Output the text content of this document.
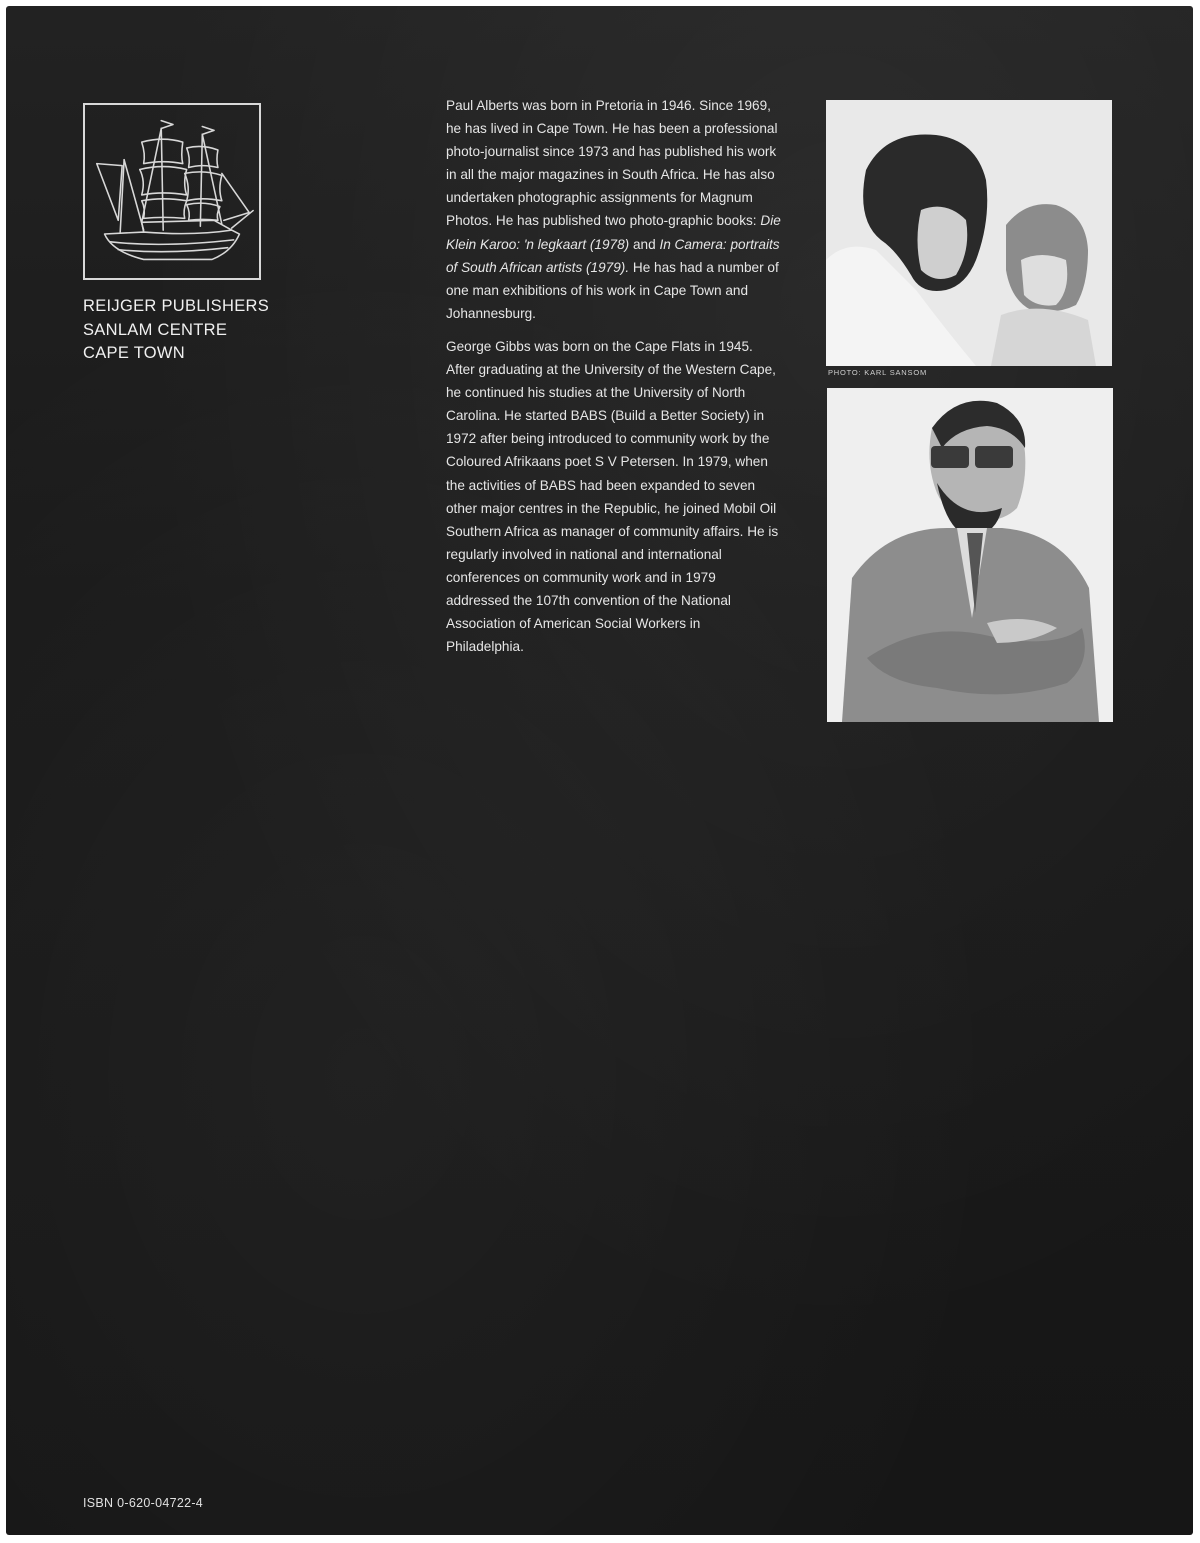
REIJGER PUBLISHERS
SANLAM CENTRE
CAPE TOWN

Paul Alberts was born in Pretoria in 1946. Since 1969, he has lived in Cape Town. He has been a professional photo-journalist since 1973 and has published his work in all the major magazines in South Africa. He has also undertaken photographic assignments for Magnum Photos. He has published two photo-graphic books: Die Klein Karoo: 'n legkaart (1978) and In Camera: portraits of South African artists (1979). He has had a number of one man exhibitions of his work in Cape Town and Johannesburg.

George Gibbs was born on the Cape Flats in 1945. After graduating at the University of the Western Cape, he continued his studies at the University of North Carolina. He started BABS (Build a Better Society) in 1972 after being introduced to community work by the Coloured Afrikaans poet S V Petersen. In 1979, when the activities of BABS had been expanded to seven other major centres in the Republic, he joined Mobil Oil Southern Africa as manager of community affairs. He is regularly involved in national and international conferences on community work and in 1979 addressed the 107th convention of the National Association of American Social Workers in Philadelphia.

PHOTO: KARL SANSOM
ISBN 0-620-04722-4
